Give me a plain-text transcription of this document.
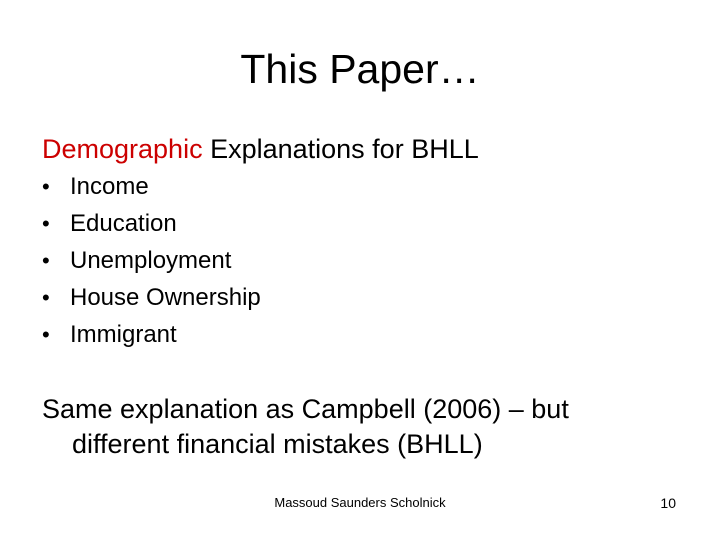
This Paper…
Demographic Explanations for BHLL
• Income
• Education
• Unemployment
• House Ownership
• Immigrant
Same explanation as Campbell (2006) – but
different financial mistakes (BHLL)
Massoud Saunders Scholnick	10
